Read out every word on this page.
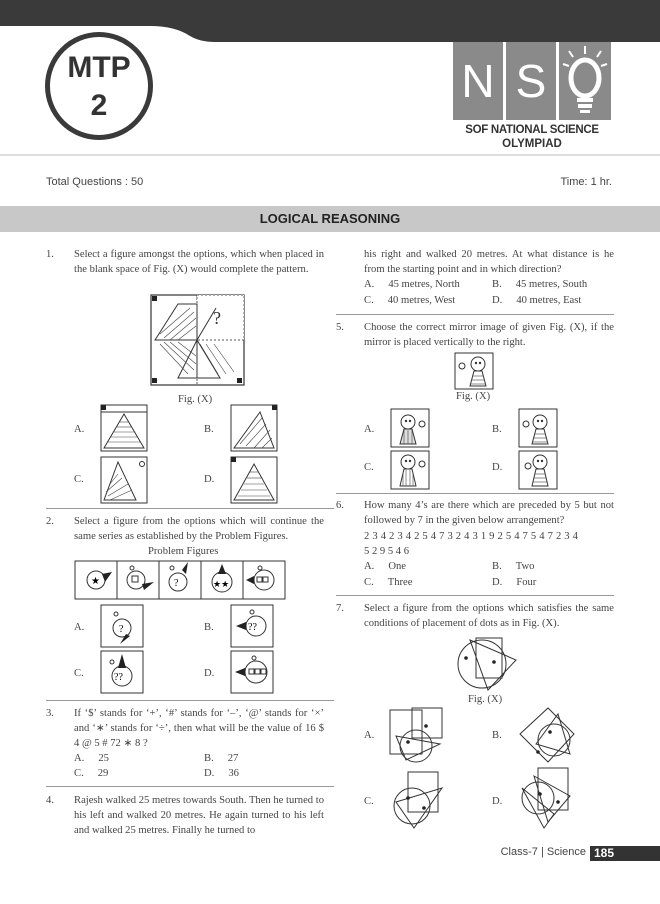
MTP
2	N S
SOF NATIONAL SCIENCE
OLYMPIAD
Total Questions : 50	Time: 1 hr.
LOGICAL REASONING
1. Select a figure amongst the options, which when placed in the blank space of Fig. (X) would complete the pattern.
?
Fig. (X)
A.	B.
C.	D.
2. Select a figure from the options which will continue the same series as established by the Problem Figures.
Problem Figures
★	?	★★
A.	?	B.	??
C.	??	D.
3. If ‘$’ stands for ‘+’, ‘#’ stands for ‘–’, ‘@’ stands for ‘×’ and ‘∗’ stands for ‘÷’, then what will be the value of 16 $ 4 @ 5 # 72 ∗ 8 ?
A. 25	B. 27
C. 29	D. 36
4. Rajesh walked 25 metres towards South. Then he turned to his left and walked 20 metres. He again turned to his left and walked 25 metres. Finally he turned to
his right and walked 20 metres. At what distance is he from the starting point and in which direction?
A. 45 metres, North	B. 45 metres, South
C. 40 metres, West	D. 40 metres, East
5. Choose the correct mirror image of given Fig. (X), if the mirror is placed vertically to the right.
Fig. (X)
A.	B.
C.	D.
6. How many 4’s are there which are preceded by 5 but not followed by 7 in the given below arrangement?
2 3 4 2 3 4 2 5 4 7 3 2 4 3 1 9 2 5 4 7 5 4 7 2 3 4
5 2 9 5 4 6
A. One	B. Two
C. Three	D. Four
7. Select a figure from the options which satisfies the same conditions of placement of dots as in Fig. (X).
Fig. (X)
A.	B.
C.	D.
Class-7 | Science 185
